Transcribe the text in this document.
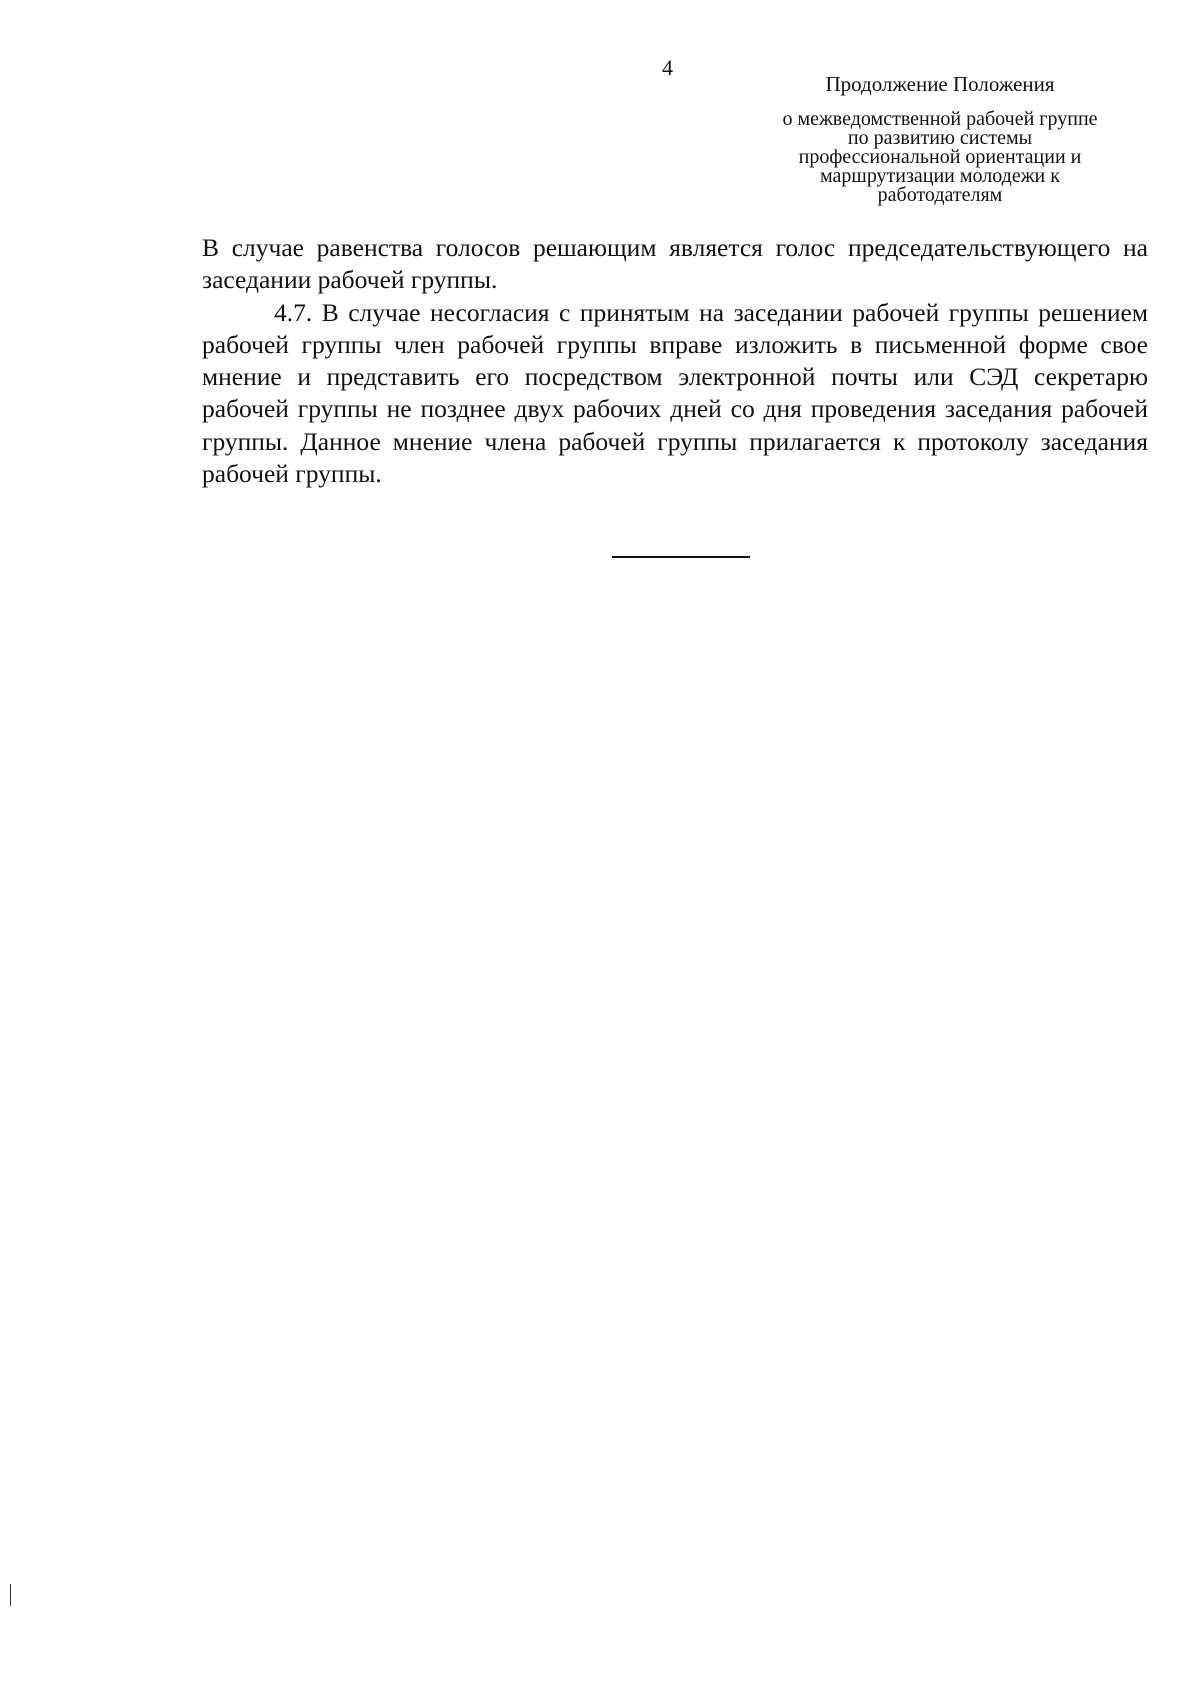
4
Продолжение Положения
о межведомственной рабочей группе
по развитию системы
профессиональной ориентации и
маршрутизации молодежи к
работодателям

В случае равенства голосов решающим является голос председательствующего на заседании рабочей группы.

4.7. В случае несогласия с принятым на заседании рабочей группы решением рабочей группы член рабочей группы вправе изложить в письменной форме свое мнение и представить его посредством электронной почты или СЭД секретарю рабочей группы не позднее двух рабочих дней со дня проведения заседания рабочей группы. Данное мнение члена рабочей группы прилагается к протоколу заседания рабочей группы.
